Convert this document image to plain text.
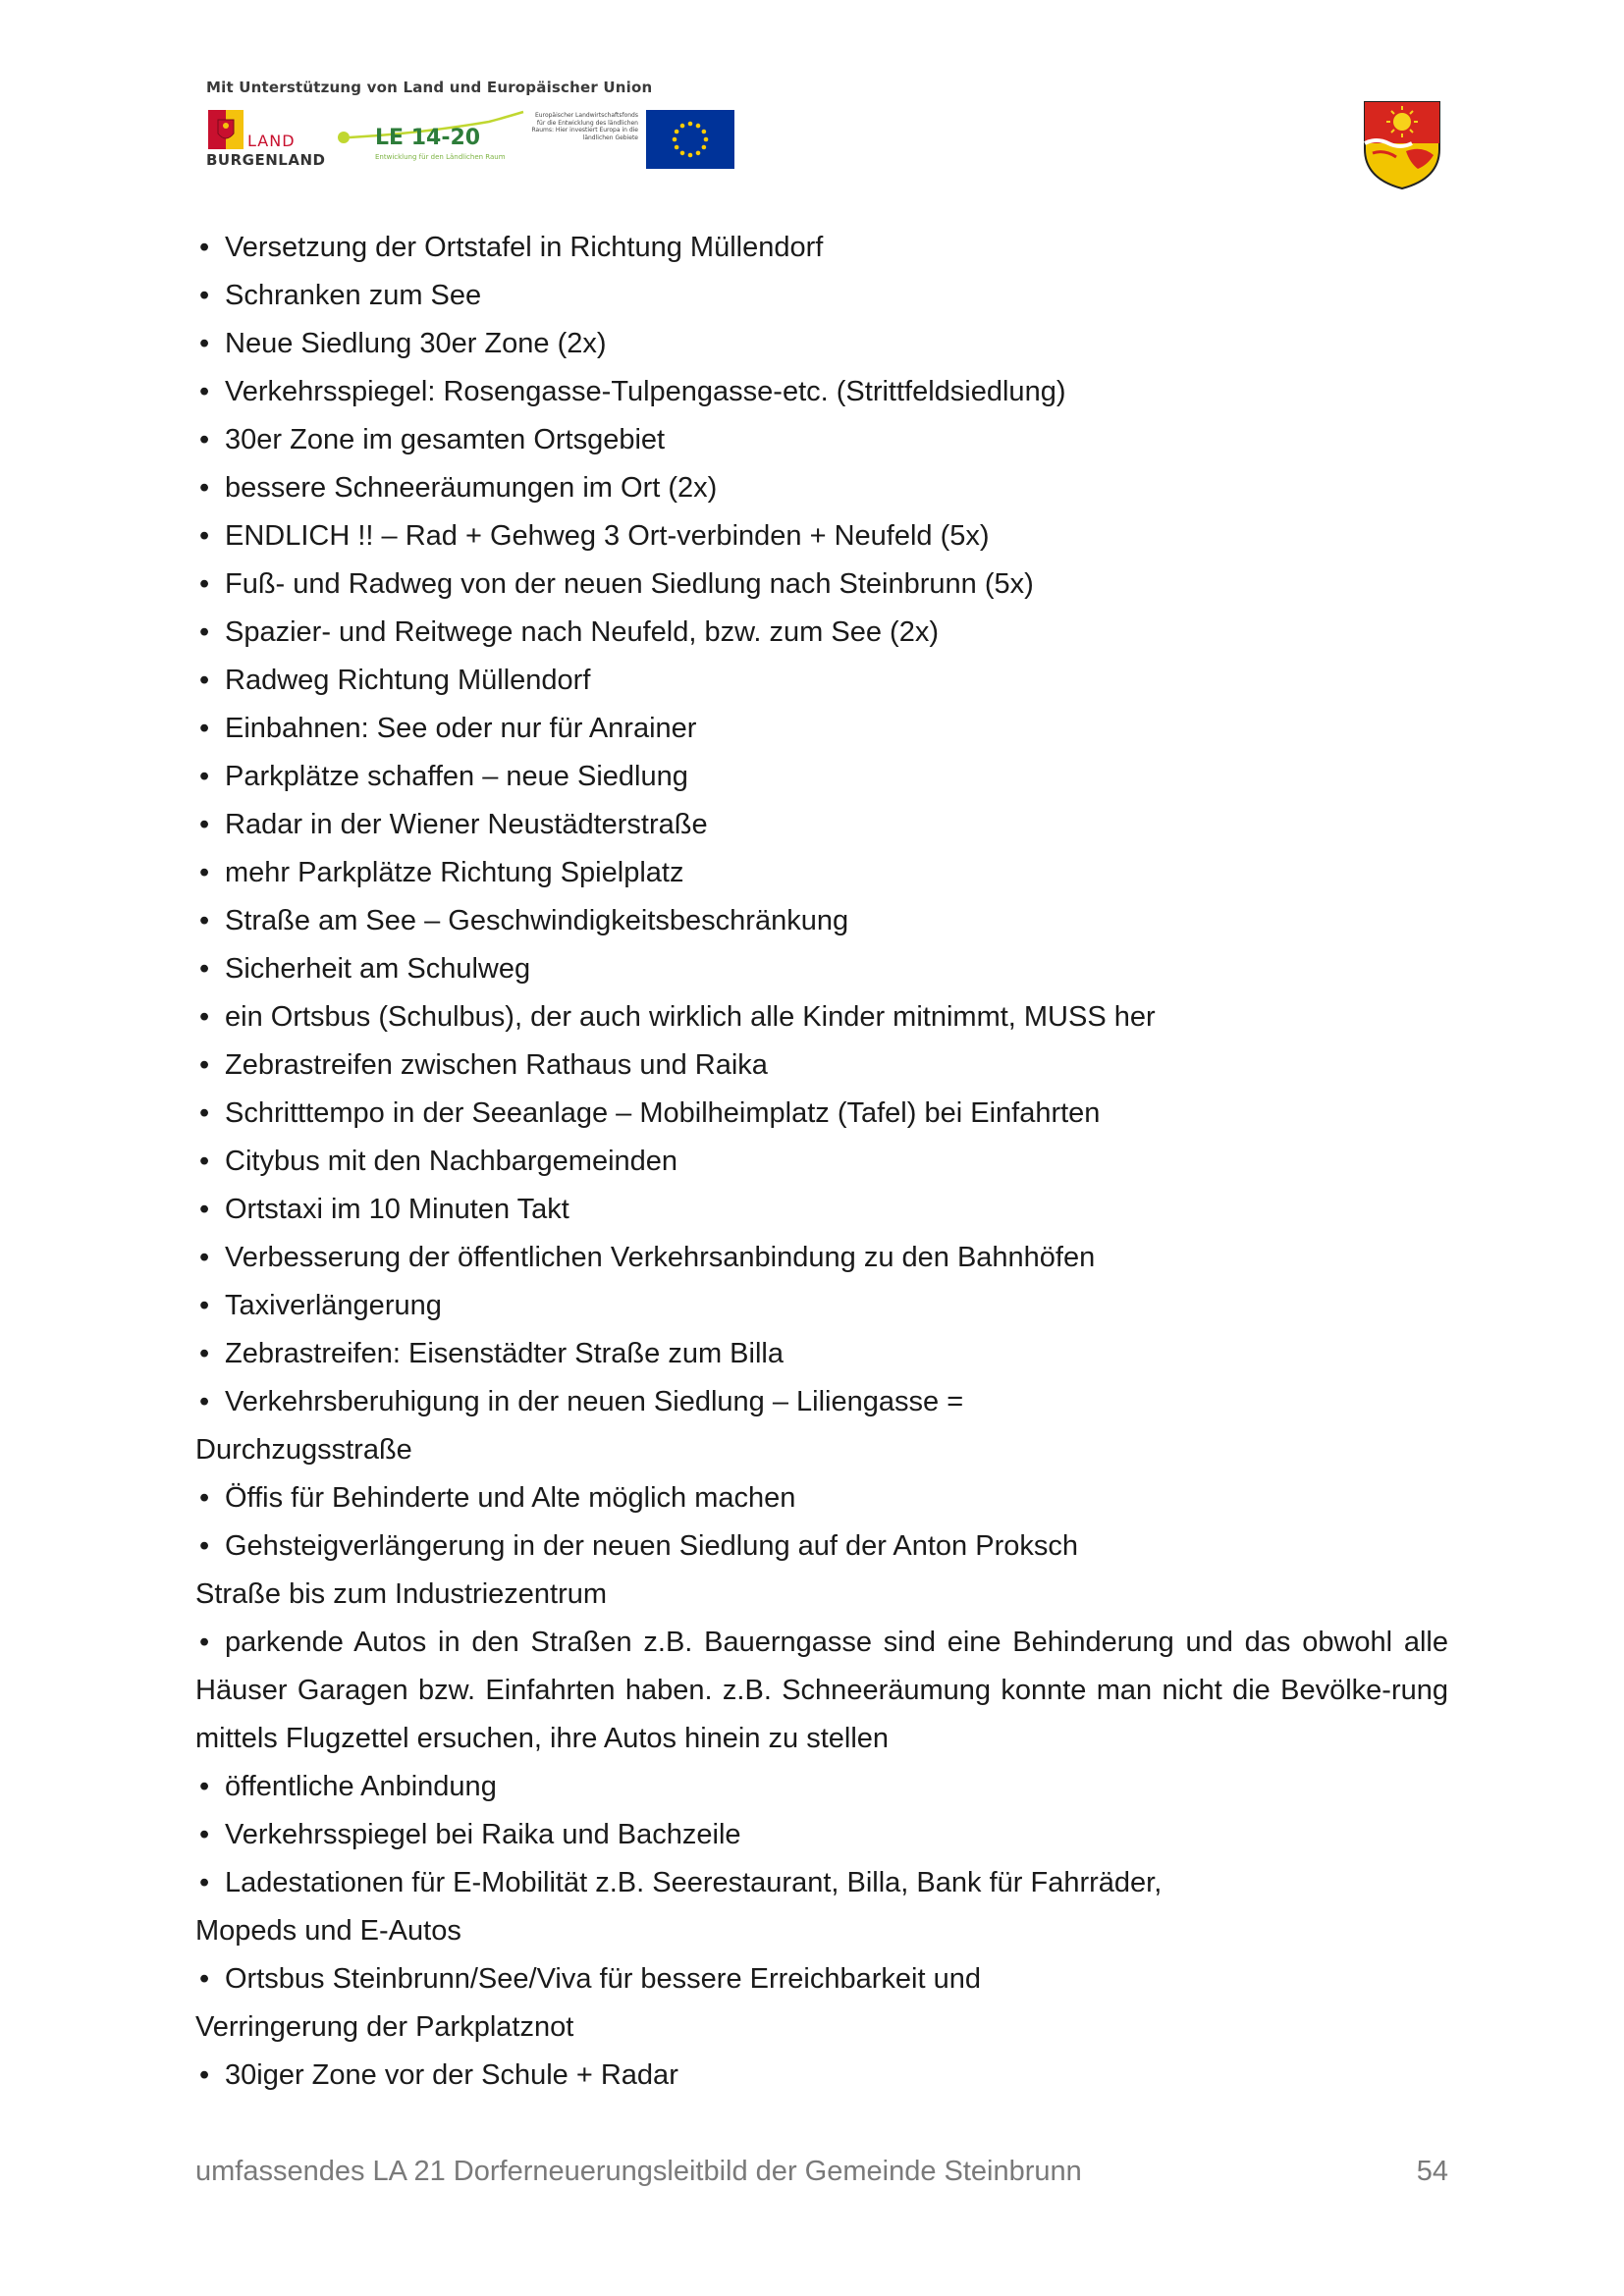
Mit Unterstützung von Land und Europäischer Union
LAND
BURGENLAND
LE 14-20
Entwicklung für den Ländlichen Raum
Europäischer Landwirtschaftsfonds für die Entwicklung des ländlichen Raums: Hier investiert Europa in die ländlichen Gebiete
• Versetzung der Ortstafel in Richtung Müllendorf
• Schranken zum See
• Neue Siedlung 30er Zone (2x)
• Verkehrsspiegel: Rosengasse-Tulpengasse-etc. (Strittfeldsiedlung)
• 30er Zone im gesamten Ortsgebiet
• bessere Schneeräumungen im Ort (2x)
• ENDLICH !! – Rad + Gehweg 3 Ort-verbinden + Neufeld (5x)
• Fuß- und Radweg von der neuen Siedlung nach Steinbrunn (5x)
• Spazier- und Reitwege nach Neufeld, bzw. zum See (2x)
• Radweg Richtung Müllendorf
• Einbahnen: See oder nur für Anrainer
• Parkplätze schaffen – neue Siedlung
• Radar in der Wiener Neustädterstraße
• mehr Parkplätze Richtung Spielplatz
• Straße am See – Geschwindigkeitsbeschränkung
• Sicherheit am Schulweg
• ein Ortsbus (Schulbus), der auch wirklich alle Kinder mitnimmt, MUSS her
• Zebrastreifen zwischen Rathaus und Raika
• Schritttempo in der Seeanlage – Mobilheimplatz (Tafel) bei Einfahrten
• Citybus mit den Nachbargemeinden
• Ortstaxi im 10 Minuten Takt
• Verbesserung der öffentlichen Verkehrsanbindung zu den Bahnhöfen
• Taxiverlängerung
• Zebrastreifen: Eisenstädter Straße zum Billa
• Verkehrsberuhigung in der neuen Siedlung – Liliengasse = Durchzugsstraße
• Öffis für Behinderte und Alte möglich machen
• Gehsteigverlängerung in der neuen Siedlung auf der Anton Proksch Straße bis zum Industriezentrum
• parkende Autos in den Straßen z.B. Bauerngasse sind eine Behinderung und das obwohl alle Häuser Garagen bzw. Einfahrten haben. z.B. Schneeräumung konnte man nicht die Bevölke-rung mittels Flugzettel ersuchen, ihre Autos hinein zu stellen
• öffentliche Anbindung
• Verkehrsspiegel bei Raika und Bachzeile
• Ladestationen für E-Mobilität z.B. Seerestaurant, Billa, Bank für Fahrräder, Mopeds und E-Autos
• Ortsbus Steinbrunn/See/Viva für bessere Erreichbarkeit und Verringerung der Parkplatznot
• 30iger Zone vor der Schule + Radar
umfassendes LA 21 Dorferneuerungsleitbild der Gemeinde Steinbrunn	54
